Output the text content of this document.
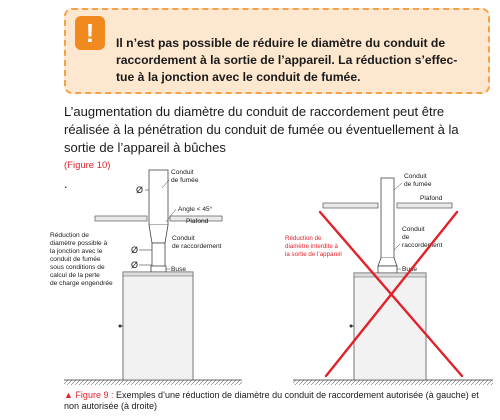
!	Il n’est pas possible de réduire le diamètre du conduit de
raccordement à la sortie de l’appareil. La réduction s’effec-
tue à la jonction avec le conduit de fumée.

L’augmentation du diamètre du conduit de raccordement peut être
réalisée à la pénétration du conduit de fumée ou éventuellement à la
sortie de l’appareil à bûches
(Figure 10)
.	Ø
Ø
Ø
Conduit
de fumée
Angle < 45°
Plafond
Conduit
de raccordement
Buse
Réduction de diamètre possible à la jonction avec le conduit de fumée sous conditions de calcul de la perte de charge engendrée
Conduit
de fumée
Plafond
Conduit
de
raccordement
Buse
Réduction de diamètre interdite à la sortie de l’appareil

▲ Figure 9 : Exemples d’une réduction de diamètre du conduit de raccordement autorisée (à gauche) et
non autorisée (à droite)
